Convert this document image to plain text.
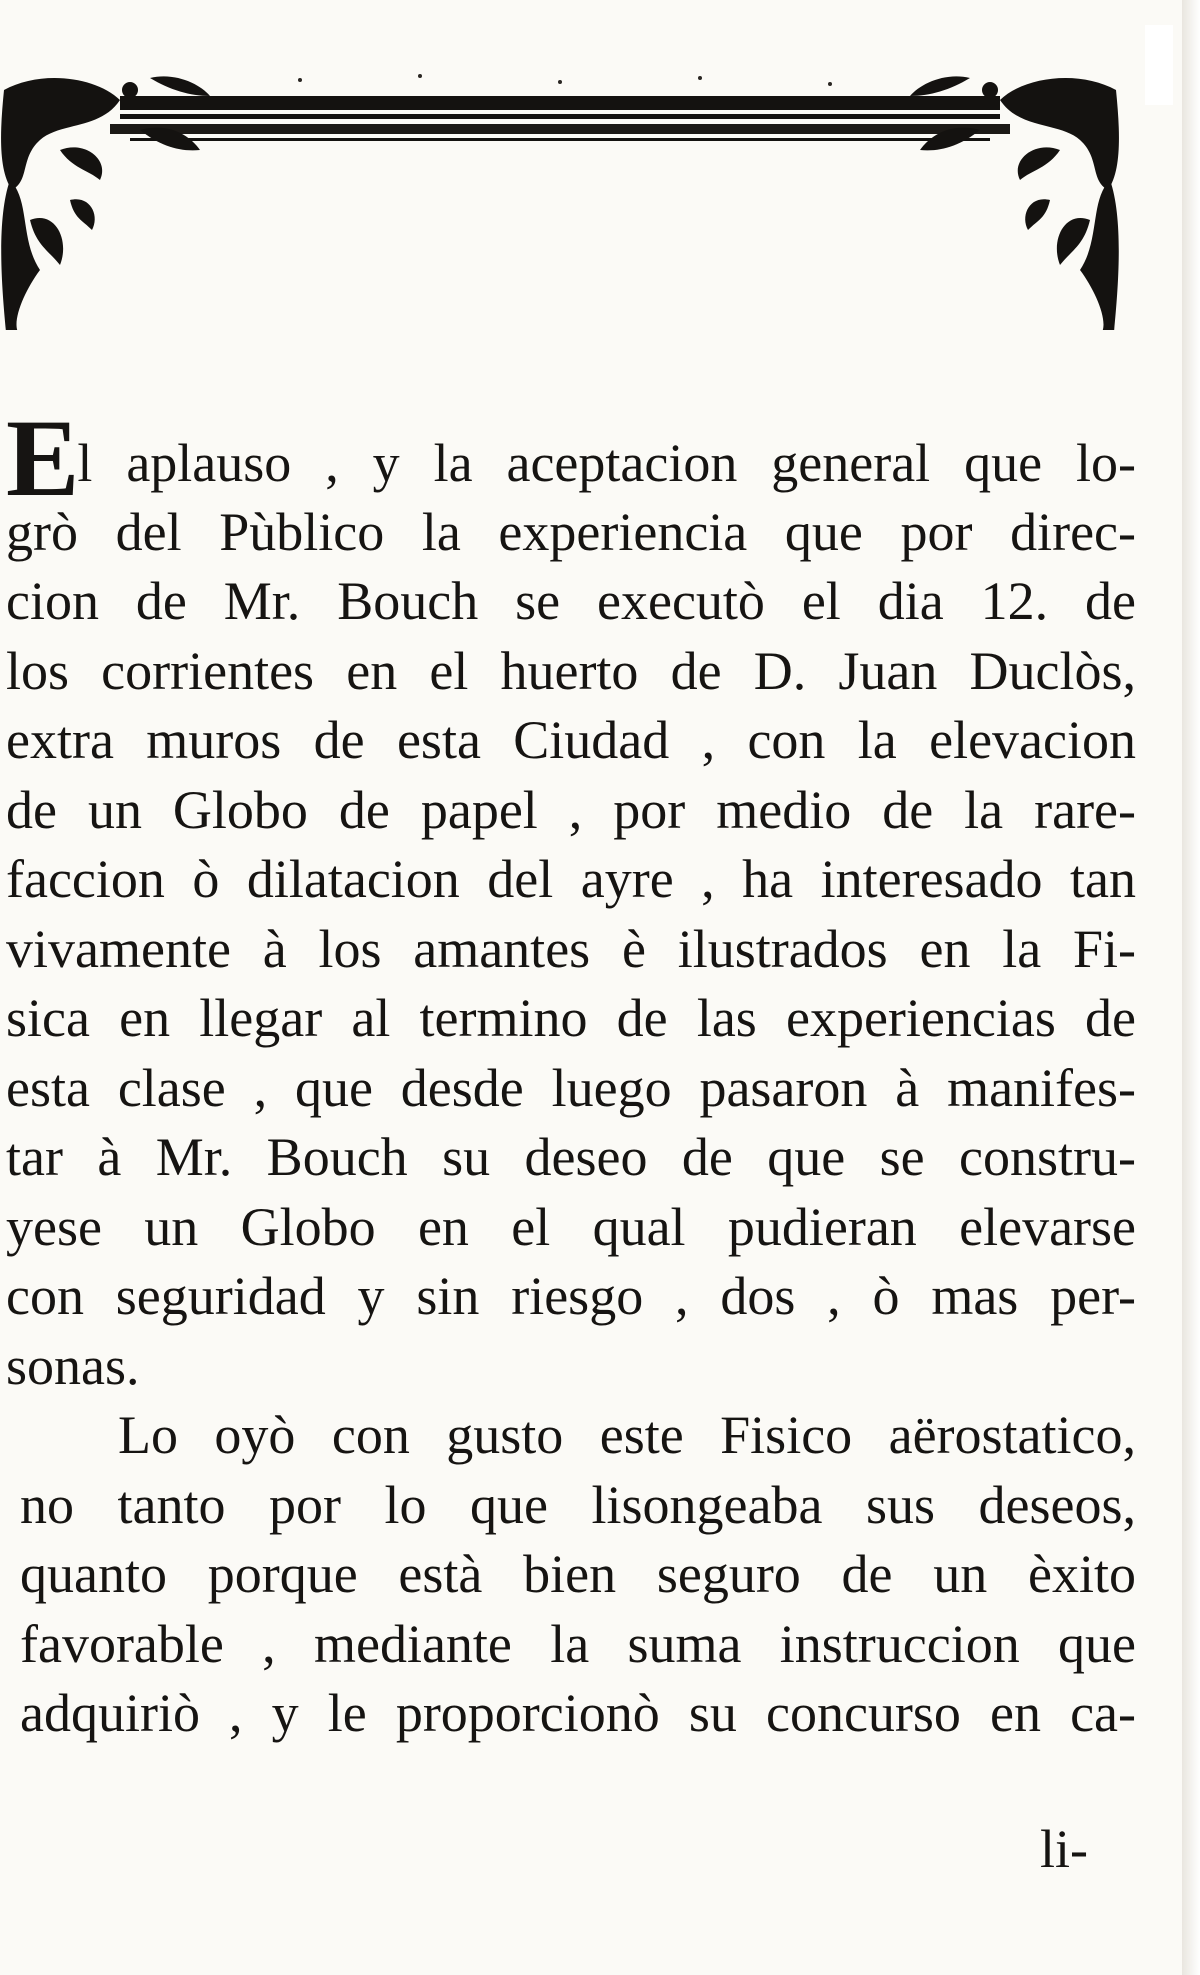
El aplauso , y la aceptacion general que lo-
grò del Pùblico la experiencia que por direc-
cion de Mr. Bouch se executò el dia 12. de
los corrientes en el huerto de D. Juan Duclòs,
extra muros de esta Ciudad , con la elevacion
de un Globo de papel , por medio de la rare-
faccion ò dilatacion del ayre , ha interesado tan
vivamente à los amantes è ilustrados en la Fi-
sica en llegar al termino de las experiencias de
esta clase , que desde luego pasaron à manifes-
tar à Mr. Bouch su deseo de que se constru-
yese un Globo en el qual pudieran elevarse
con seguridad y sin riesgo , dos , ò mas per-
sonas.
Lo oyò con gusto este Fisico aërostatico,
no tanto por lo que lisongeaba sus deseos,
quanto porque està bien seguro de un èxito
favorable , mediante la suma instruccion que
adquiriò , y le proporcionò su concurso en ca-
li-
